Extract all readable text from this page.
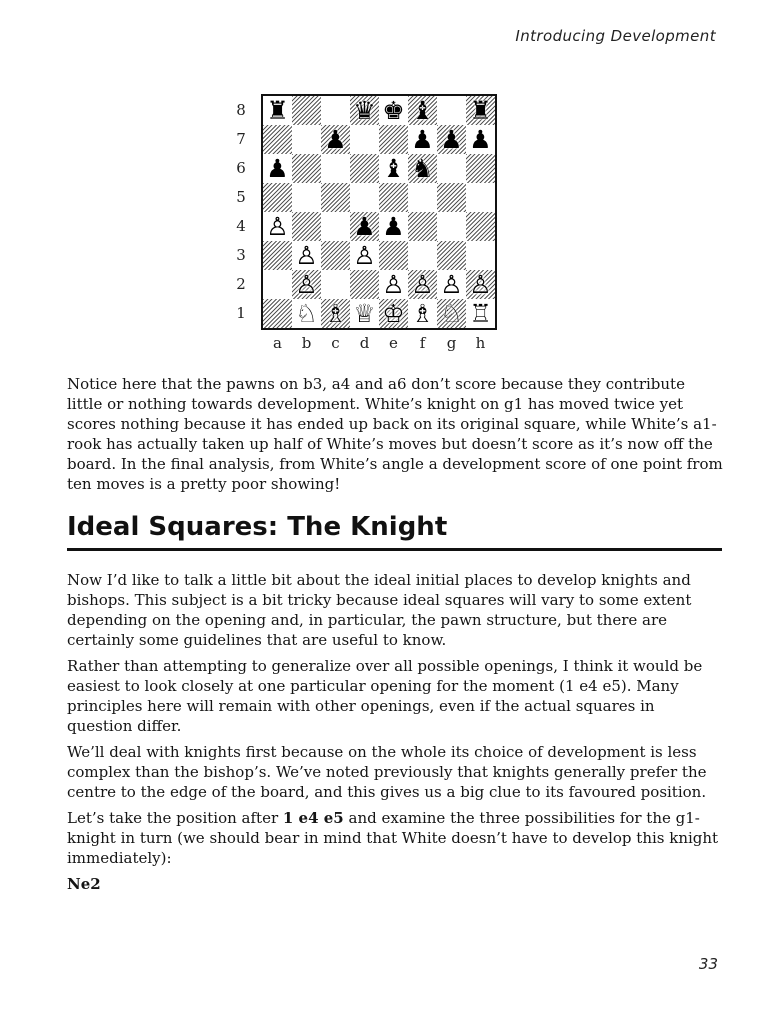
Introducing Development
8
7
6
5
4
3
2
1
♜	♛ ♚ ♝ ♜
♟	♟ ♟ ♟
♟	♝ ♞
♙	♟ ♟
♙ ♙
♙	♙ ♙ ♙ ♙
♘ ♗ ♕ ♔ ♗ ♘ ♖
a	b	c	d	e	f	g	h

Notice here that the pawns on b3, a4 and a6 don’t score because they contribute little or nothing towards development. White’s knight on g1 has moved twice yet scores nothing because it has ended up back on its original square, while White’s a1-rook has actually taken up half of White’s moves but doesn’t score as it’s now off the board. In the final analysis, from White’s angle a development score of one point from ten moves is a pretty poor showing!

Ideal Squares: The Knight

Now I’d like to talk a little bit about the ideal initial places to develop knights and bishops. This subject is a bit tricky because ideal squares will vary to some extent depending on the opening and, in particular, the pawn structure, but there are certainly some guidelines that are useful to know.

Rather than attempting to generalize over all possible openings, I think it would be easiest to look closely at one particular opening for the moment (1 e4 e5). Many principles here will remain with other openings, even if the actual squares in question differ.

We’ll deal with knights first because on the whole its choice of development is less complex than the bishop’s. We’ve noted previously that knights generally prefer the centre to the edge of the board, and this gives us a big clue to its favoured position.

Let’s take the position after 1 e4 e5 and examine the three possibilities for the g1-knight in turn (we should bear in mind that White doesn’t have to develop this knight immediately):

Ne2

33
